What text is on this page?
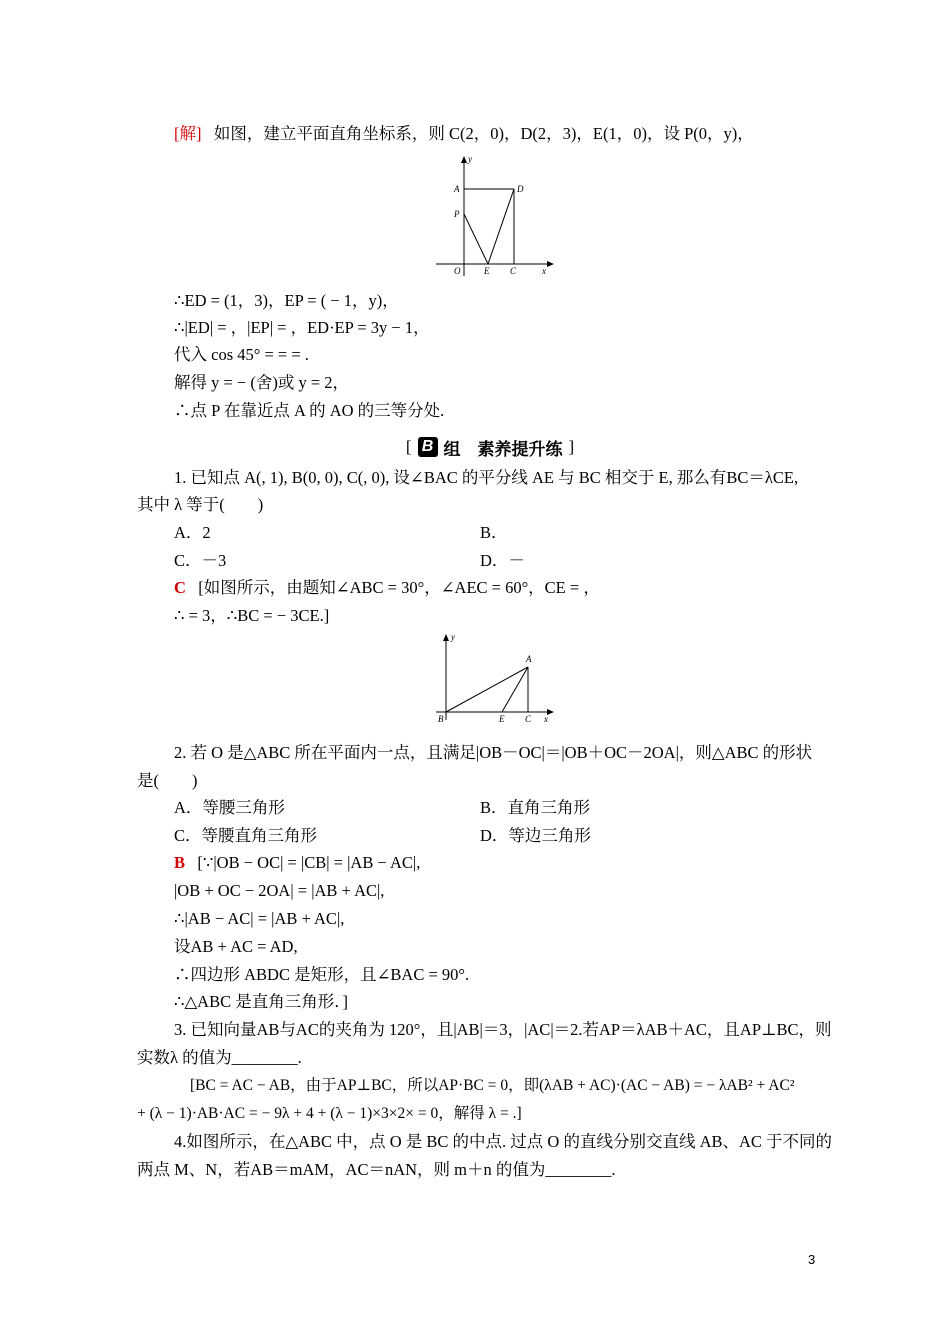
[解] 如图，建立平面直角坐标系，则 C(2，0)，D(2，3)，E(1，0)，设 P(0，y)，
y
A	D
P
O	E C	x
∴ED = (1，3)，EP = ( − 1，y)，
∴|ED| = ，|EP| = ，ED·EP = 3y − 1，
代入 cos 45° = = = .
解得 y = − (舍)或 y = 2，
∴点 P 在靠近点 A 的 AO 的三等分处.
[ B 组　素养提升练 ]
1. 已知点 A(, 1), B(0, 0), C(, 0), 设∠BAC 的平分线 AE 与 BC 相交于 E, 那么有BC＝λCE,
其中 λ 等于(　　)
A．2	B．
C．－3	D．－
C [如图所示，由题知∠ABC = 30°，∠AEC = 60°，CE = ，
∴ = 3，∴BC = − 3CE.]
y
A
B	E C x
2. 若 O 是△ABC 所在平面内一点，且满足|OB－OC|＝|OB＋OC－2OA|，则△ABC 的形状
是(　　)
A．等腰三角形	B．直角三角形
C．等腰直角三角形	D．等边三角形
B [∵|OB − OC| = |CB| = |AB − AC|,
|OB + OC − 2OA| = |AB + AC|,
∴|AB − AC| = |AB + AC|,
设AB + AC = AD,
∴四边形 ABDC 是矩形，且∠BAC = 90°.
∴△ABC 是直角三角形．]
3. 已知向量AB与AC的夹角为 120°，且|AB|＝3，|AC|＝2.若AP＝λAB＋AC，且AP⊥BC，则
实数λ 的值为________.
[BC = AC − AB，由于AP⊥BC，所以AP·BC = 0，即(λAB + AC)·(AC − AB) = − λAB² + AC²
+ (λ − 1)·AB·AC = − 9λ + 4 + (λ − 1)×3×2× = 0，解得 λ = .]
4.如图所示，在△ABC 中，点 O 是 BC 的中点. 过点 O 的直线分别交直线 AB、AC 于不同的
两点 M、N，若AB＝mAM，AC＝nAN，则 m＋n 的值为________.
3
